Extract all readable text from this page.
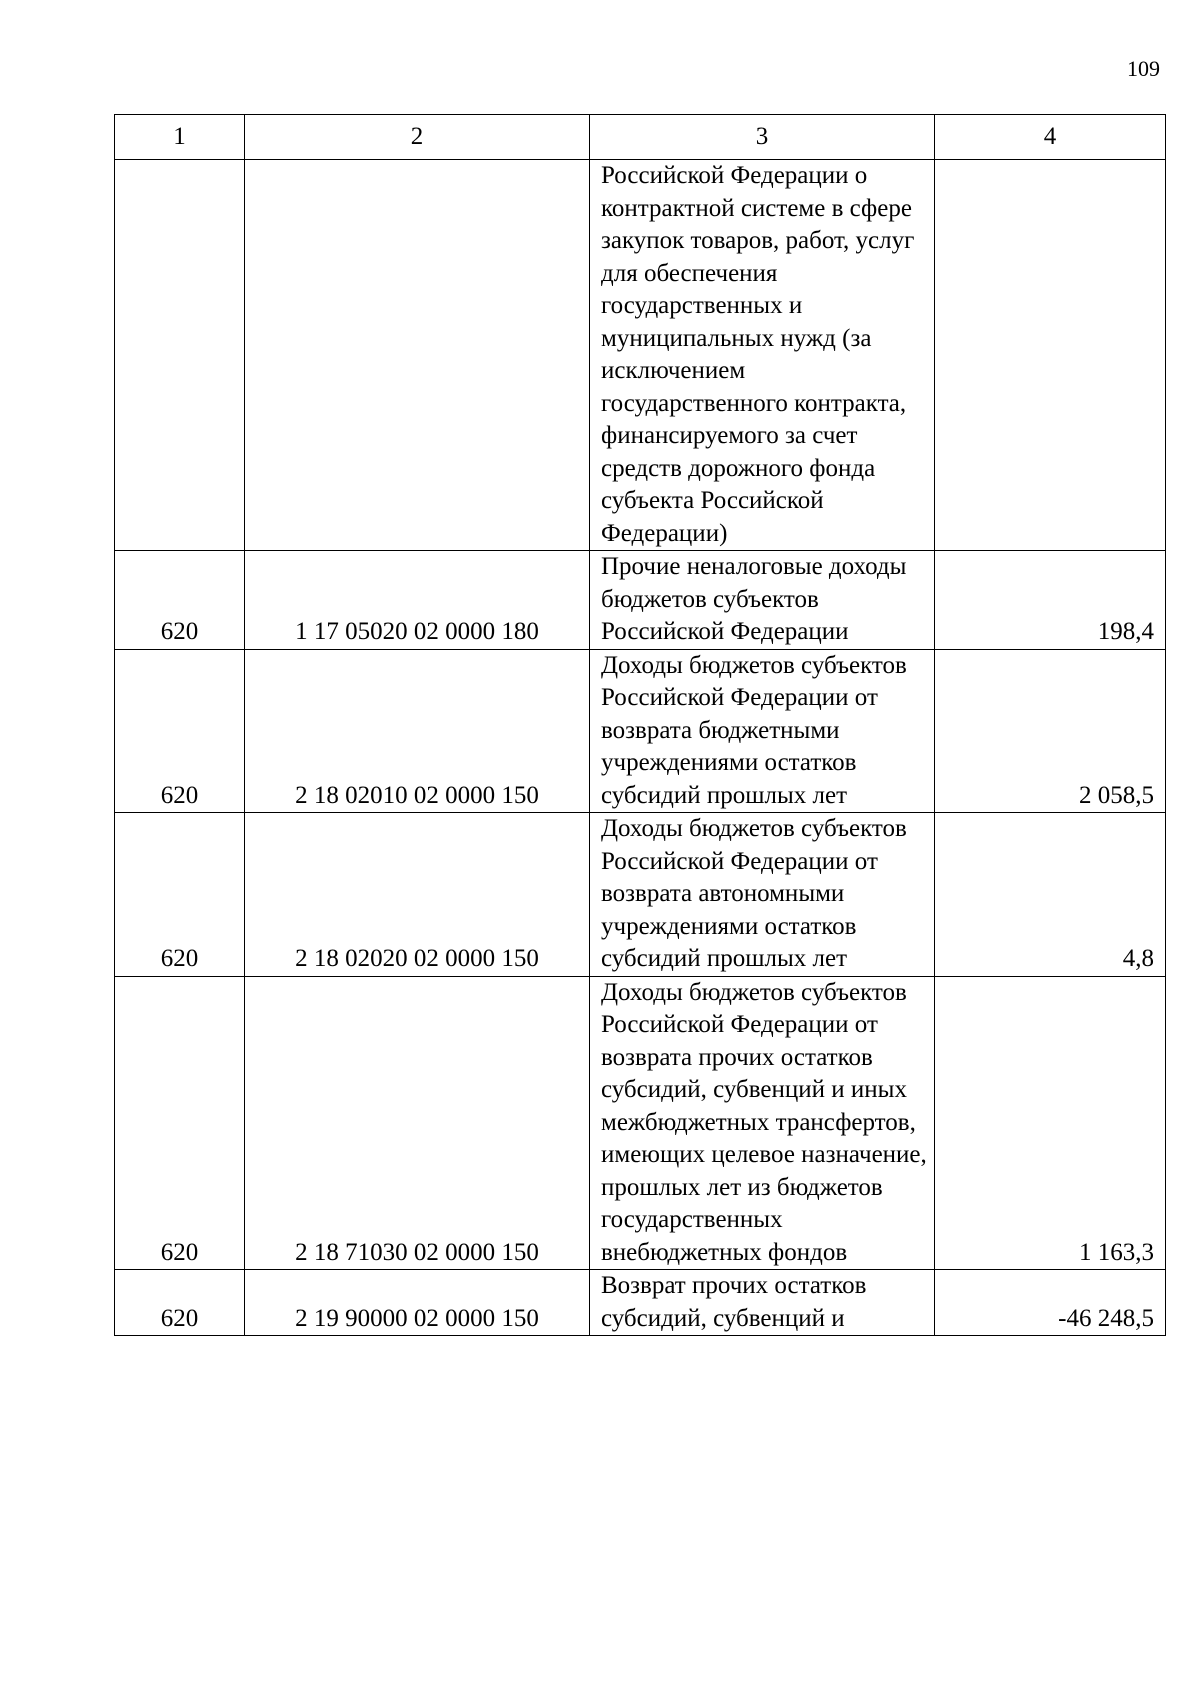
109
1	2	3	4
		Российской Федерации о контрактной системе в сфере закупок товаров, работ, услуг для обеспечения государственных и муниципальных нужд (за исключением государственного контракта, финансируемого за счет средств дорожного фонда субъекта Российской Федерации)	
620	1 17 05020 02 0000 180	Прочие неналоговые доходы бюджетов субъектов Российской Федерации	198,4
620	2 18 02010 02 0000 150	Доходы бюджетов субъектов Российской Федерации от возврата бюджетными учреждениями остатков субсидий прошлых лет	2 058,5
620	2 18 02020 02 0000 150	Доходы бюджетов субъектов Российской Федерации от возврата автономными учреждениями остатков субсидий прошлых лет	4,8
620	2 18 71030 02 0000 150	Доходы бюджетов субъектов Российской Федерации от возврата прочих остатков субсидий, субвенций и иных межбюджетных трансфертов, имеющих целевое назначение, прошлых лет из бюджетов государственных внебюджетных фондов	1 163,3
620	2 19 90000 02 0000 150	Возврат прочих остатков субсидий, субвенций и	-46 248,5
